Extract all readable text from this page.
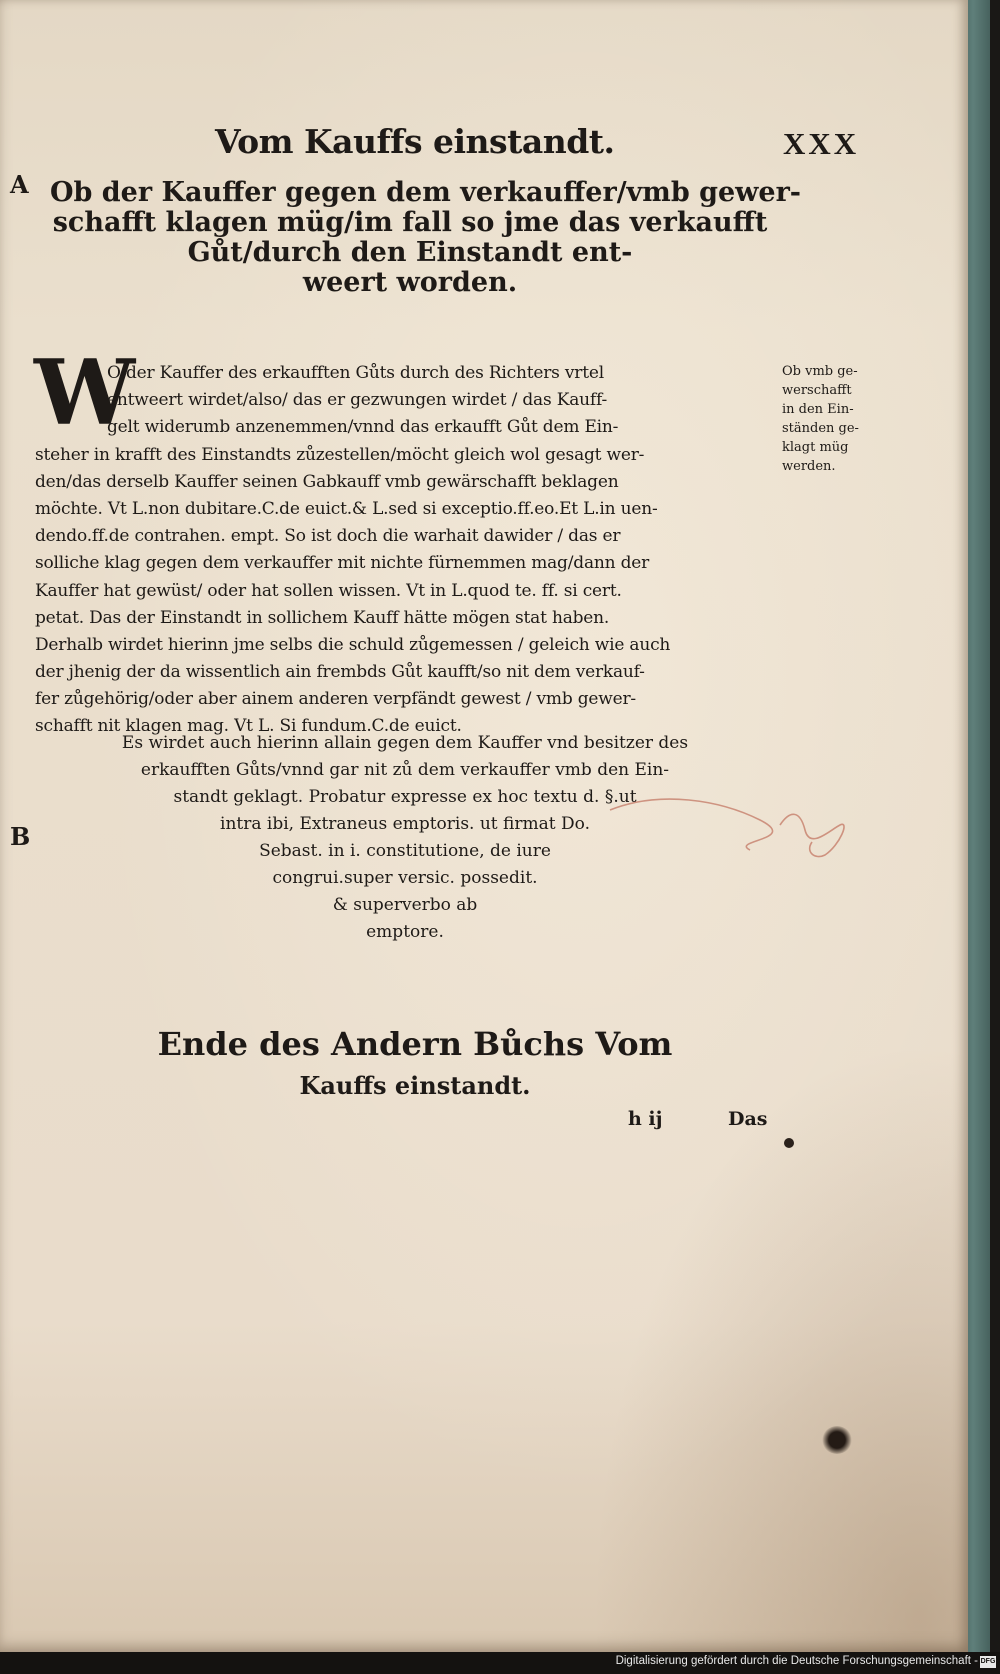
Vom Kauffs einstandt.	XXX
A Ob der Kauffer gegen dem verkauffer/vmb gewer-
schafft klagen müg/im fall so jme das verkaufft
Gůt/durch den Einstandt ent-
weert worden.
W
O der Kauffer des erkaufften Gůts durch des Richters vrtel
entweert wirdet/also/ das er gezwungen wirdet / das Kauff-
gelt widerumb anzenemmen/vnnd das erkaufft Gůt dem Ein-
steher in krafft des Einstandts zůzestellen/möcht gleich wol gesagt wer-
den/das derselb Kauffer seinen Gabkauff vmb gewärschafft beklagen
möchte. Vt L.non dubitare.C.de euict.& L.sed si exceptio.ff.eo.Et L.in uen-
dendo.ff.de contrahen. empt. So ist doch die warhait dawider / das er
solliche klag gegen dem verkauffer mit nichte fürnemmen mag/dann der
Kauffer hat gewüst/ oder hat sollen wissen. Vt in L.quod te. ff. si cert.
petat. Das der Einstandt in sollichem Kauff hätte mögen stat haben.
Derhalb wirdet hierinn jme selbs die schuld zůgemessen / geleich wie auch
der jhenig der da wissentlich ain frembds Gůt kaufft/so nit dem verkauf-
fer zůgehörig/oder aber ainem anderen verpfändt gewest / vmb gewer-
schafft nit klagen mag. Vt L. Si fundum.C.de euict.
Ob vmb ge-
werschafft
in den Ein-
ständen ge-
klagt müg
werden.
Es wirdet auch hierinn allain gegen dem Kauffer vnd besitzer des
erkaufften Gůts/vnnd gar nit zů dem verkauffer vmb den Ein-
standt geklagt. Probatur expresse ex hoc textu d. §.ut
intra ibi, Extraneus emptoris. ut firmat Do.
Sebast. in i. constitutione, de iure
congrui.super versic. possedit.
& superverbo ab
emptore.
B
Ende des Andern Bůchs Vom
Kauffs einstandt.
h ij	Das
Digitalisierung gefördert durch die Deutsche Forschungsgemeinschaft - DFG
